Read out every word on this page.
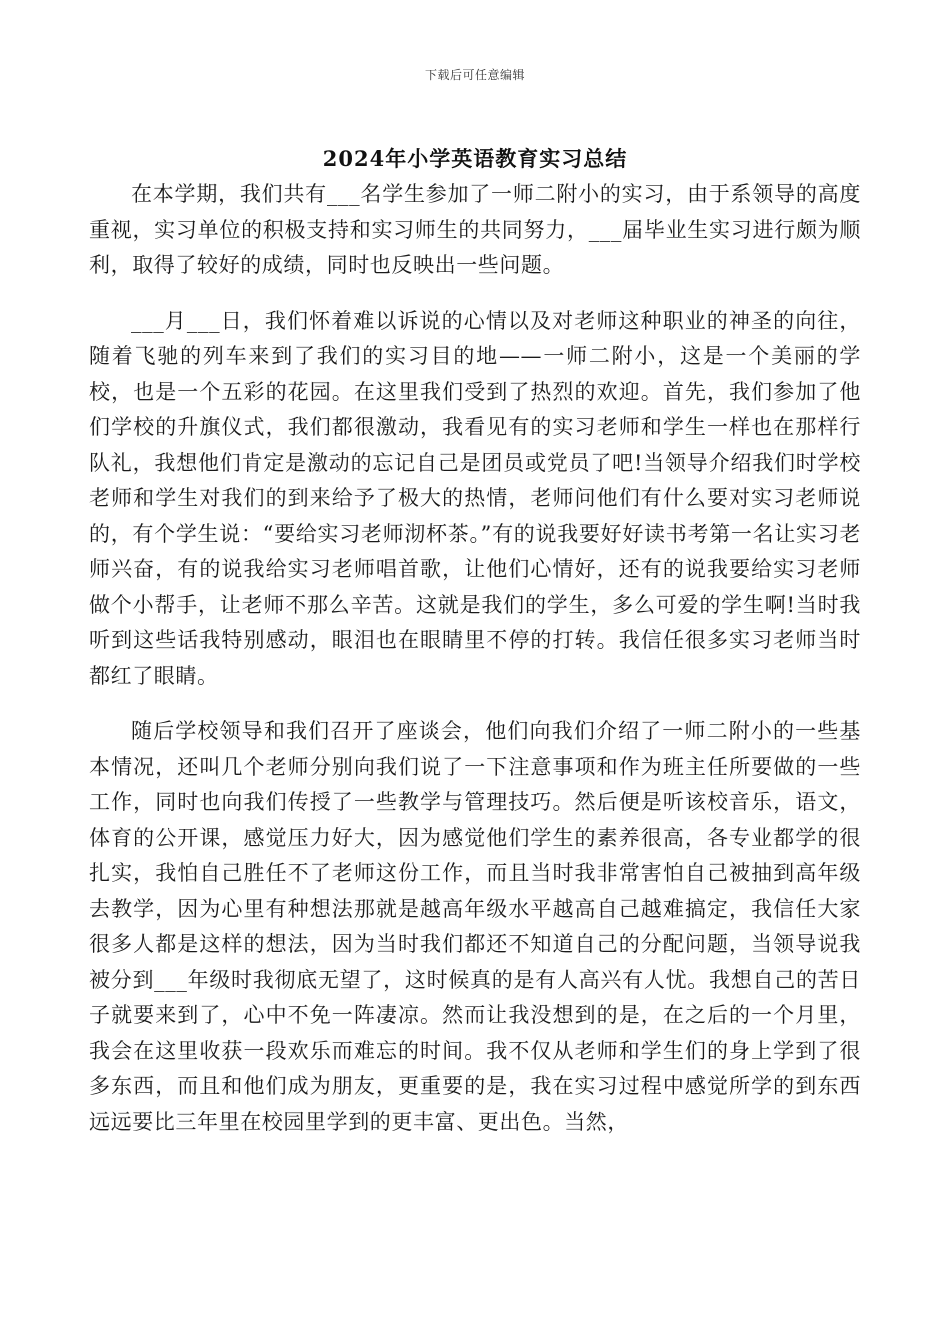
下载后可任意编辑
2024年小学英语教育实习总结

在本学期，我们共有___名学生参加了一师二附小的实习，由于系领导的高度重视，实习单位的积极支持和实习师生的共同努力，___届毕业生实习进行颇为顺利，取得了较好的成绩，同时也反映出一些问题。

___月___日，我们怀着难以诉说的心情以及对老师这种职业的神圣的向往，随着飞驰的列车来到了我们的实习目的地——一师二附小，这是一个美丽的学校，也是一个五彩的花园。在这里我们受到了热烈的欢迎。首先，我们参加了他们学校的升旗仪式，我们都很激动，我看见有的实习老师和学生一样也在那样行队礼，我想他们肯定是激动的忘记自己是团员或党员了吧!当领导介绍我们时学校老师和学生对我们的到来给予了极大的热情，老师问他们有什么要对实习老师说的，有个学生说：“要给实习老师沏杯茶。”有的说我要好好读书考第一名让实习老师兴奋，有的说我给实习老师唱首歌，让他们心情好，还有的说我要给实习老师做个小帮手，让老师不那么辛苦。这就是我们的学生，多么可爱的学生啊!当时我听到这些话我特别感动，眼泪也在眼睛里不停的打转。我信任很多实习老师当时都红了眼睛。

随后学校领导和我们召开了座谈会，他们向我们介绍了一师二附小的一些基本情况，还叫几个老师分别向我们说了一下注意事项和作为班主任所要做的一些工作，同时也向我们传授了一些教学与管理技巧。然后便是听该校音乐，语文，体育的公开课，感觉压力好大，因为感觉他们学生的素养很高，各专业都学的很扎实，我怕自己胜任不了老师这份工作，而且当时我非常害怕自己被抽到高年级去教学，因为心里有种想法那就是越高年级水平越高自己越难搞定，我信任大家很多人都是这样的想法，因为当时我们都还不知道自己的分配问题，当领导说我被分到___年级时我彻底无望了，这时候真的是有人高兴有人忧。我想自己的苦日子就要来到了，心中不免一阵凄凉。然而让我没想到的是，在之后的一个月里，我会在这里收获一段欢乐而难忘的时间。我不仅从老师和学生们的身上学到了很多东西，而且和他们成为朋友，更重要的是，我在实习过程中感觉所学的到东西远远要比三年里在校园里学到的更丰富、更出色。当然，
